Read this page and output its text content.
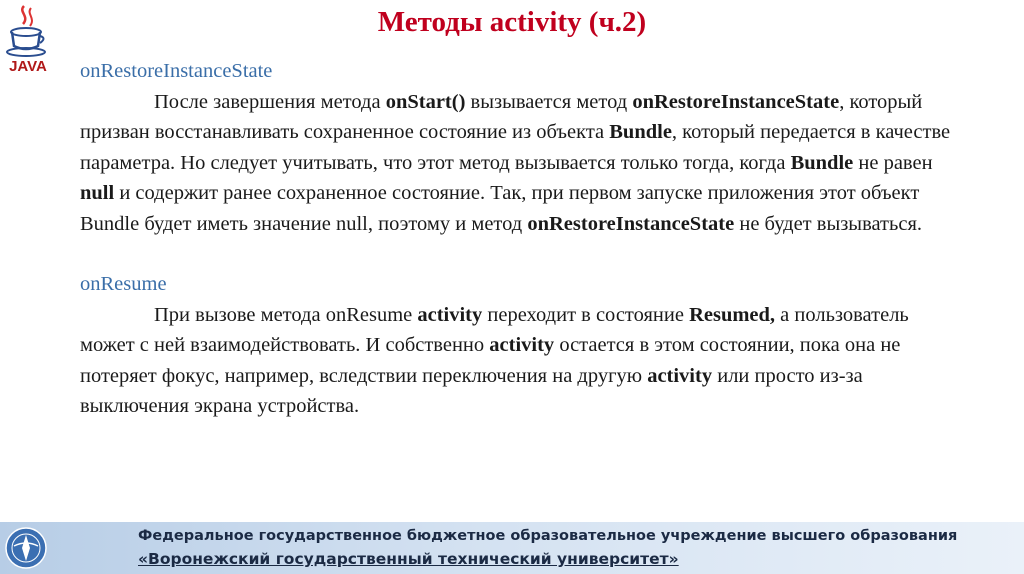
JAVA
Методы activity (ч.2)
onRestoreInstanceState

После завершения метода onStart() вызывается метод onRestoreInstanceState, который призван восстанавливать сохраненное состояние из объекта Bundle, который передается в качестве параметра. Но следует учитывать, что этот метод вызывается только тогда, когда Bundle не равен null и содержит ранее сохраненное состояние. Так, при первом запуске приложения этот объект Bundle будет иметь значение null, поэтому и метод onRestoreInstanceState не будет вызываться.

onResume

При вызове метода onResume activity переходит в состояние Resumed, а пользователь может с ней взаимодействовать. И собственно activity остается в этом состоянии, пока она не потеряет фокус, например, вследствии переключения на другую activity или просто из-за выключения экрана устройства.

Федеральное государственное бюджетное образовательное учреждение высшего образования
«Воронежский государственный технический университет»
